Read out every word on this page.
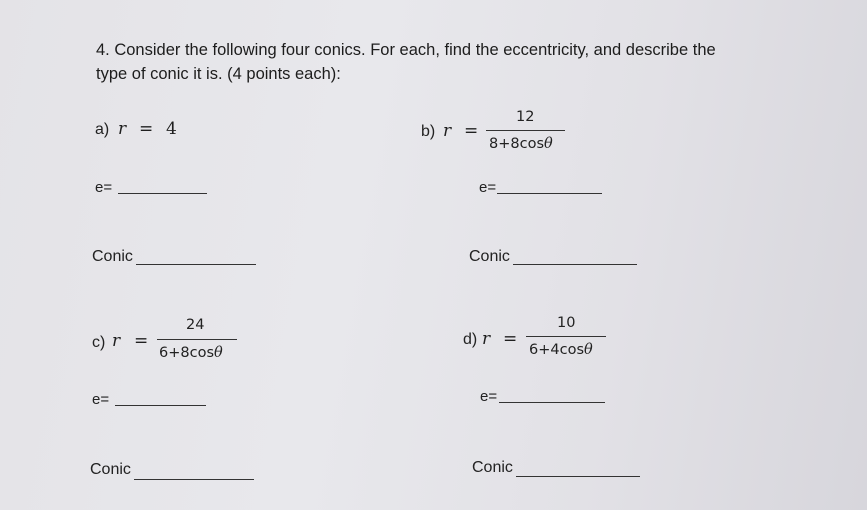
4. Consider the following four conics. For each, find the eccentricity, and describe the
type of conic it is. (4 points each):
a) r = 4
e=
Conic
b) r =
12
8+8cosθ
e=
Conic
c) r =
24
6+8cosθ
e=
Conic
d) r =
10
6+4cosθ
e=
Conic
